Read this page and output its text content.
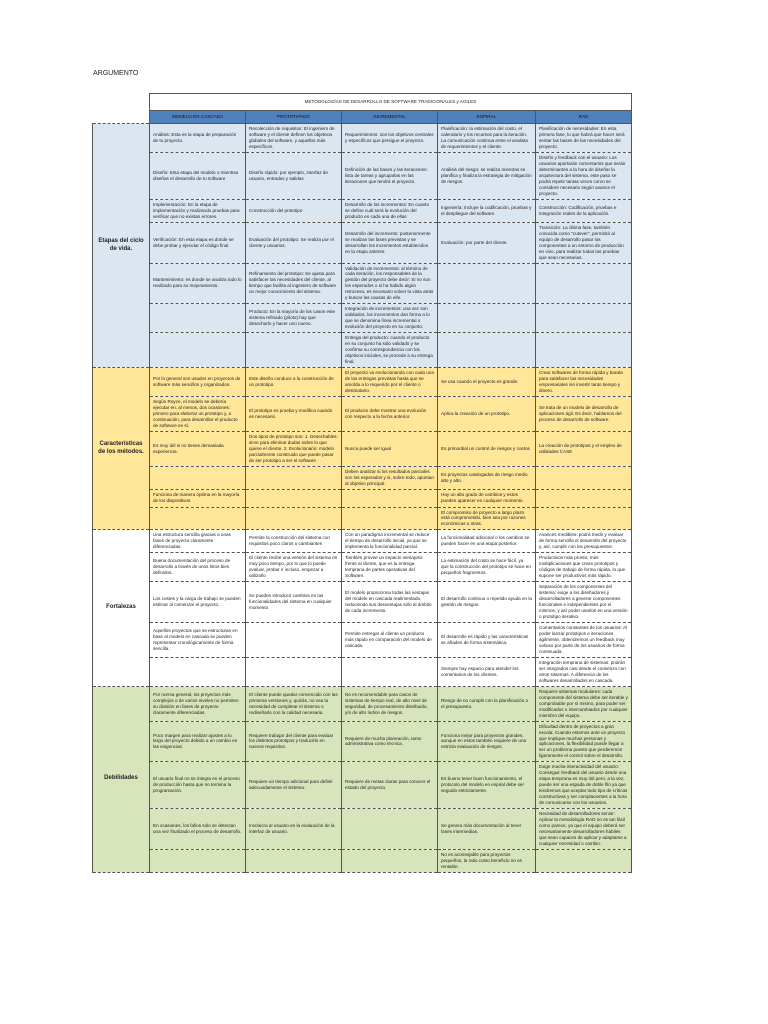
ARGUMENTO
	METODOLOGÍAS DE DESARROLLO DE SOFTWARE TRADICIONALES y AGILES				
	MODELO EN CASCADA	PROTOTIPADO	INCREMENTAL	ESPIRAL	RAD
Etapas del ciclo de vida.	Análisis: Esta es la etapa de preparación de tu proyecto.	Recolección de requisitos: El ingeniero de software y el cliente definen los objetivos globales del software, y aquellos más específicos.	Requerimientos: son los objetivos centrales y específicos que persigue el proyecto.	Planificación: la estimación del costo, el calendario y los recursos para la iteración. La comunicación continua entre el analista de requerimientos y el cliente.	Planificación de necesidades: En esta primera fase, lo que habrá que hacer será sentar las bases de las necesidades del proyecto.
	Diseño: Esta etapa del modelo o mientras diseñas el desarrollo de tu software	Diseño rápido: por ejemplo, interfaz de usuario, entradas y salidas	Definición de las bases y las iteraciones: lista de tareas y agruparlas en las iteraciones que tendrá el proyecto.	Análisis del riesgo: se realiza mientras se planifica y finaliza la estrategia de mitigación de riesgos.	Diseño y feedback con el usuario: Los usuarios aportarán comentarios que serán determinantes a la hora de diseñar la arquitectura del sistema. este paso se podrá repetir tantas veces como se considere necesario según avance el proyecto.
	Implementación: En la etapa de implementación y realizando pruebas para verificar que no existan errores.	Construcción del prototipo	Desarrollo de los incrementos: En cuanto se define cuál será la evolución del producto en cada una de ellas	Ingeniería: Incluye la codificación, pruebas y el despliegue del software.	Construcción: Codificación, pruebas e integración reales de la aplicación.
	Verificación: En esta etapa es donde se debe probar y ejecutar el código final	Evaluación del prototipo: Se realiza por el cliente y usuarios.	Desarrollo del incremento: posteriormente se realizan las fases previstas y se desarrollan los incrementos establecidos en la etapa anterior.	Evaluación: por parte del cliente.	Transición: La última fase, también conocida como "cutover", permitirá al equipo de desarrollo pasar los componentes a un entorno de producción en vivo, para realizar todas las pruebas que sean necesarias.
	Mantenimiento: es donde se analiza todo lo realizado para su mejoramiento.	Refinamiento del prototipo: Se ajusta para satisfacer las necesidades del cliente, al tiempo que facilita al ingeniero de software un mejor conocimiento del sistema.	Validación de incrementos: al término de cada iteración, los responsables de la gestión del proyecto debe decir: Si no son los esperados o si ha habido algún retroceso, es necesario volver la vista atrás y buscar las causas de ello.		
		Producto: En la mayoría de los casos este sistema refinado (piloto) hay que desecharlo y hacer uno nuevo.	Integración de incrementos: una vez son validados, los incrementos dan forma a lo que se denomina línea incremental o evolución del proyecto en su conjunto.		
			Entrega del producto: cuando el producto en su conjunto ha sido validado y se confirma su correspondencia con los objetivos iniciales, se procede a su entrega final.		
Características de los métodos.	Por lo general son usados en proyectos de software más sencillos y organizados.	Este diseño conduce a la construcción de un prototipo.	El proyecto va evolucionando con cada una de las entregas previstas hasta que se amolda a lo requerido por el cliente o destinatario.	Se usa cuando el proyecto es grande.	Crear softwares de forma rápida y barata para satisfacer las necesidades empresariales sin invertir tanto tiempo y dinero.
	Según Royce, el modelo se debería ejecutar en, al menos, dos ocasiones: primero para elaborar un prototipo y, a continuación, para desarrollar el producto de software en sí.	El prototipo es prueba y modifica cuando es necesario.	El producto debe mostrar una evolución con respecto a la fecha anterior.	Aplica la creación de un prototipo.	Se trata de un modelo de desarrollo de aplicaciones ágil. Es decir, hablamos del proceso de desarrollo de software.
	Es muy útil si no tienes demasiada experiencia.	Dos tipos de prototipo son: 1. Desechables: sirve para eliminar dudas sobre lo que quiere el cliente. 2. Evolucionario: modelo parcialmente construido que puede pasar de ser prototipo a ser el software	Nunca puede ser igual	Es primordial un control de riesgos y costos	La creación de prototipos y el empleo de utilidades CASE
			Deben analizar si los resultados parciales son los esperados y si, sobre todo, apuntan al objetivo principal.	Es proyectos catalogados de riesgo medio alto y alto.	
	Funciona de manera óptima en la mayoría de los dispositivos			Hay un alto grado de cambios y estos pueden aparecer en cualquier momento.	
				El compromiso de proyecto a largo plazo está comprometido, bien sea por razones económicas u otras.	
Fortalezas	Una estructura sencilla gracias a unas fases de proyecto claramente diferenciadas.	Permite la construcción del sistema con requisitos poco claros o cambiantes	Con un paradigma incremental se reduce el tiempo de desarrollo inicial, ya que se implementa la funcionalidad parcial.	La funcionalidad adicional o los cambios se pueden hacer en una etapa posterior.	Avances medibles: podrá medir y evaluar de forma sencilla el desarrollo del proyecto y, así, cumplir con los presupuestos.
	Buena documentación del proceso de desarrollo a través de unos hitos bien definidos.	El cliente recibe una versión del sistema en muy poco tiempo, por lo que lo puede evaluar, probar e incluso, empezar a utilizarlo	También provee un impacto ventajoso frente al cliente, que es la entrega temprana de partes operativas del Software.	La estimación del costo se hace fácil, ya que la construcción del prototipo se hace en pequeños fragmentos.	Productivos más pronto: más multiplicaciones que crean prototipos y códigos de trabajo de forma rápida, lo que supone ser productivos más rápido.
	Los costes y la carga de trabajo se pueden estimar al comenzar el proyecto.	Se pueden introducir cambios en las funcionalidades del sistema en cualquier momento	El modelo proporciona todas las ventajas del modelo en cascada realimentado, reduciendo sus desventajas sólo al ámbito de cada incremento.	El desarrollo continuo o repetido ayuda en la gestión de riesgos.	Separación de los componentes del sistema: exige a los diseñadores y desarrolladores a generar componentes funcionales e independientes por sí mismos, y así poder usarlos en una versión o prototipo iterativo.
	Aquellos proyectos que se estructuran en base al modelo en cascada se pueden representar cronológicamente de forma sencilla.		Permite entregar al cliente un producto más rápido en comparación del modelo de cascada.	El desarrollo es rápido y las características se añaden de forma sistemática.	Comentarios constantes de los usuarios: Al poder lanzar prototipos e iteraciones ágilmente, obtendremos un feedback muy valioso por parte de los usuarios de forma continuada.
				Siempre hay espacio para atender los comentarios de los clientes.	Integración temprana de sistemas: podrán ser integrados casi desde el comienzo con otros sistemas. A diferencia de los softwares desarrollados en cascada.
Debilidades	Por norma general, los proyectos más complejos o de varios niveles no permiten su división en fases de proyecto claramente diferenciadas.	El cliente puede quedar convencido con las primeras versiones y, quizás, no vea la necesidad de completar el sistema o rediseñarlo con la calidad necesaria.	No es recomendable para casos de sistemas de tiempo real, de alto nivel de seguridad, de procesamiento distribuido, y/o de alto índice de riesgos.	Riesgo de no cumplir con la planificación o el presupuesto.	Requiere sistemas modulares: cada componente del sistema debe ser iterable y comprobable por sí mismo, para poder ser modificados o intercambiados por cualquier miembro del equipo.
	Poco margen para realizar ajustes a lo largo del proyecto debido a un cambio en las exigencias.	Requiere trabajar del cliente para evaluar los distintos prototipos y traducirlo en nuevos requisitos.	Requiere de mucha planeación, tanto administrativa como técnica.	Funciona mejor para proyectos grandes, aunque en estos también requiere de una estricta evaluación de riesgos.	Dificultad dentro de proyectos a gran escala: Cuando estemos ante un proyecto que implique muchas personas y aplicaciones, la flexibilidad puede llegar a ser un problema puesto que perderemos ligeramente el control sobre el desarrollo.
	El usuario final no se integra en el proceso de producción hasta que no termina la programación.	Requiere un tiempo adicional para definir adecuadamente el sistema.	Requiere de metas claras para conocer el estado del proyecto.	Es bueno tener buen funcionamiento, el protocolo del modelo en espiral debe ser seguido estrictamente.	Exige mucha interactividad del usuario: Conseguir feedback del usuario desde una etapa temprana es muy útil pero, a la vez, puede ser una espada de doble filo ya que tendremos que aceptar todo tipo de críticas constructivas y ser complacientes a la hora de comunicarse con los usuarios.
	En ocasiones, los fallos solo se detectan una vez finalizado el proceso de desarrollo.	Involucra al usuario en la evaluación de la interfaz de usuario.		Se genera más documentación al tener fases intermedias.	Necesidad de desarrolladores senior: Aplicar la metodología RAD no es tan fácil como parece, ya que el equipo deberá ser necesariamente desarrolladores hábiles que sean capaces de aplicar y adaptarse a cualquier necesidad o cambio.
				No es aconsejable para proyectos pequeños, la ratio costo beneficio no es rentable.	
